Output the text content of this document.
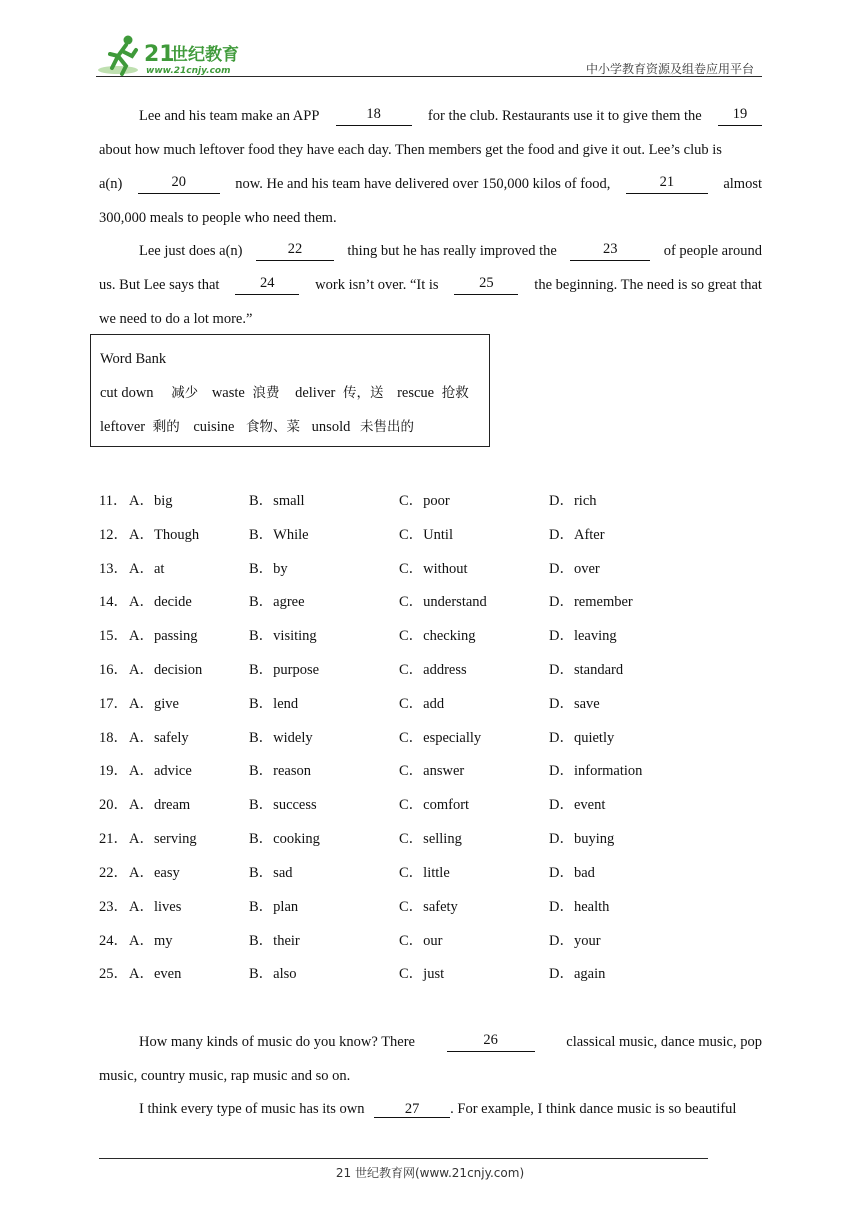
21
世纪教育
www.21cnjy.com	中小学教育资源及组卷应用平台
Lee and his team make an APP	18	for the club. Restaurants use it to give them the	19
about how much leftover food they have each day. Then members get the food and give it out. Lee’s club is
a(n)	20	now. He and his team have delivered over 150,000 kilos of food,	21	almost
300,000 meals to people who need them.
Lee just does a(n)	22	thing but he has really improved the	23	of people around
us. But Lee says that	24	work isn’t over. “It is	25	the beginning. The need is so great that
we need to do a lot more.”
Word Bank
cut down 减少 waste 浪费 deliver 传，送 rescue 抢救
leftover 剩的 cuisine 食物、菜 unsold 未售出的
11． A．big	B．small	C．poor	D．rich
12． A．Though	B．While	C．Until	D．After
13． A．at	B．by	C．without	D．over
14． A．decide	B．agree	C．understand	D．remember
15． A．passing	B．visiting	C．checking	D．leaving
16． A．decision	B．purpose	C．address	D．standard
17． A．give	B．lend	C．add	D．save
18． A．safely	B．widely	C．especially	D．quietly
19． A．advice	B．reason	C．answer	D．information
20． A．dream	B．success	C．comfort	D．event
21． A．serving	B．cooking	C．selling	D．buying
22． A．easy	B．sad	C．little	D．bad
23． A．lives	B．plan	C．safety	D．health
24． A．my	B．their	C．our	D．your
25． A．even	B．also	C．just	D．again
How many kinds of music do you know? There	26	classical music, dance music, pop
music, country music, rap music and so on.
I think every type of music has its own	27 . For example, I think dance music is so beautiful
21 世纪教育网(www.21cnjy.com)
